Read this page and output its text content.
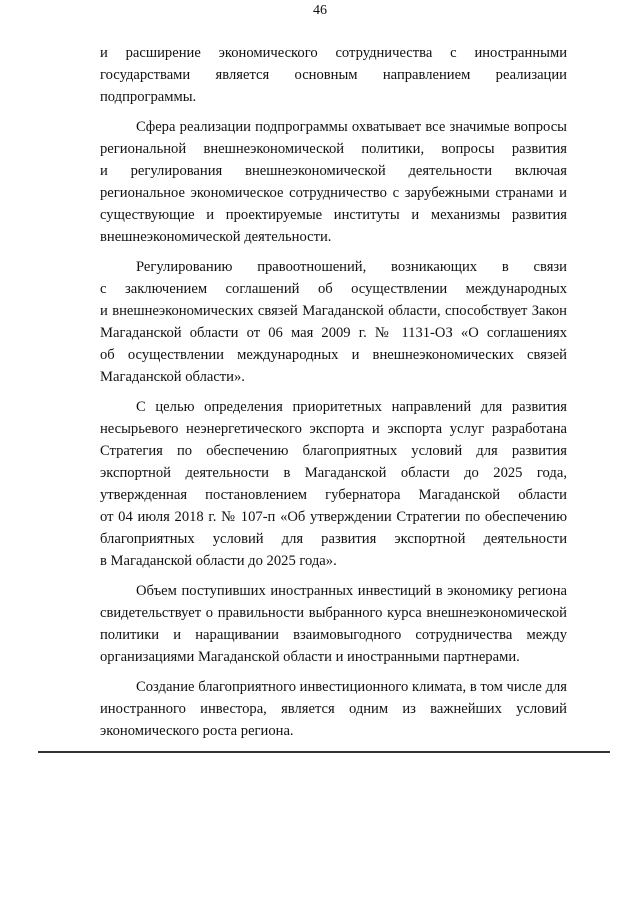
46
и расширение экономического сотрудничества с иностранными
государствами является основным направлением реализации
подпрограммы.
Сфера реализации подпрограммы охватывает все значимые вопросы
региональной внешнеэкономической политики, вопросы развития
и регулирования внешнеэкономической деятельности включая
региональное экономическое сотрудничество с зарубежными странами и
существующие и проектируемые институты и механизмы развития
внешнеэкономической деятельности.
Регулированию правоотношений, возникающих в связи
с заключением соглашений об осуществлении международных
и внешнеэкономических связей Магаданской области, способствует Закон
Магаданской области от 06 мая 2009 г. № 1131-ОЗ «О соглашениях
об осуществлении международных и внешнеэкономических связей
Магаданской области».
С целью определения приоритетных направлений для развития
несырьевого неэнергетического экспорта и экспорта услуг разработана
Стратегия по обеспечению благоприятных условий для развития
экспортной деятельности в Магаданской области до 2025 года,
утвержденная постановлением губернатора Магаданской области
от 04 июля 2018 г. № 107-п «Об утверждении Стратегии по обеспечению
благоприятных условий для развития экспортной деятельности
в Магаданской области до 2025 года».
Объем поступивших иностранных инвестиций в экономику региона
свидетельствует о правильности выбранного курса внешнеэкономической
политики и наращивании взаимовыгодного сотрудничества между
организациями Магаданской области и иностранными партнерами.
Создание благоприятного инвестиционного климата, в том числе для
иностранного инвестора, является одним из важнейших условий
экономического роста региона.
